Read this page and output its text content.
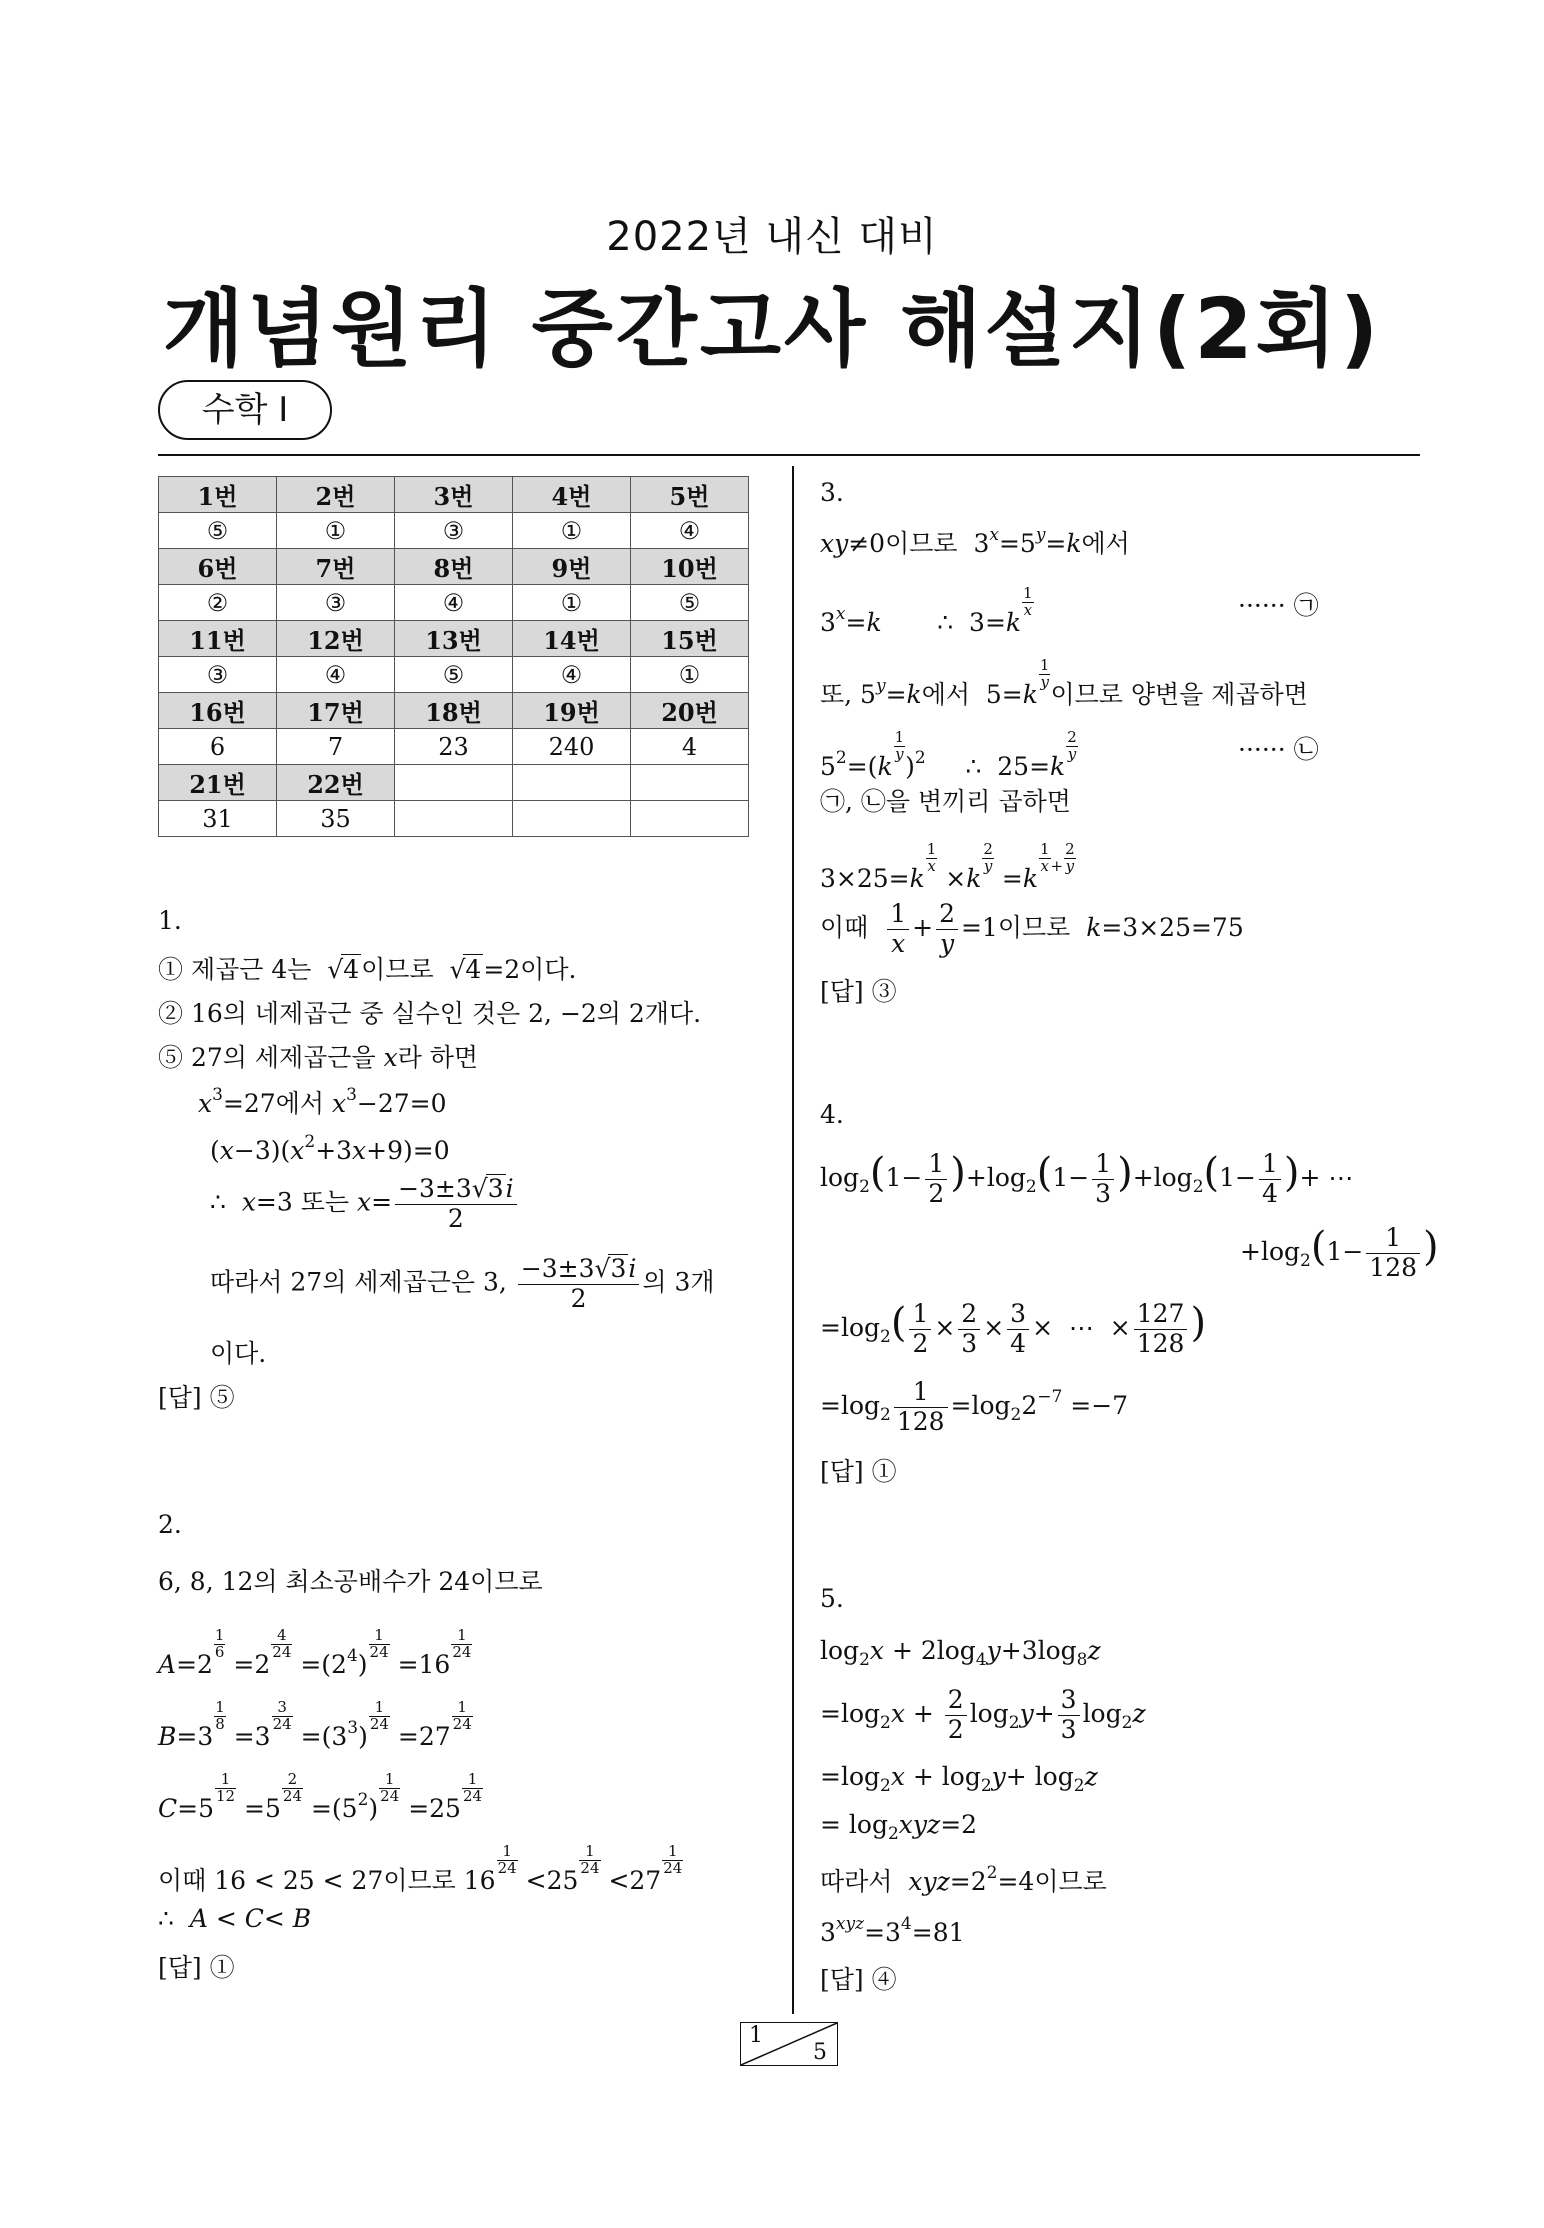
2022년 내신 대비
개념원리 중간고사 해설지(2회)
수학 I
1번	2번	3번	4번	5번
⑤	①	③	①	④
6번	7번	8번	9번	10번
②	③	④	①	⑤
11번	12번	13번	14번	15번
③	④	⑤	④	①
16번	17번	18번	19번	20번
6	7	23	240	4
21번	22번			
31	35			
1.
① 제곱근 4는  √4이므로  √4=2이다.
② 16의 네제곱근 중 실수인 것은 2, −2의 2개다.
⑤ 27의 세제곱근을 x라 하면
$x^3=27$에서 $x^3-27=0$
$(x-3)(x^2+3x+9)=0$
∴  x=3 또는 $x= \frac{-3\pm 3√3i}{2}$
따라서 27의 세제곱근은 3, $\frac{-3\pm 3√3i}{2}$ 의 3개
이다.
[답] ⑤
2.
6, 8, 12의 최소공배수가 24이므로
A=2
$\frac{1}{6}$
=2
$\frac{4}{24}$
$=(2^4)$
$\frac{1}{24}$
=16
$\frac{1}{24}$
B=3
$\frac{1}{8}$
=3
$\frac{3}{24}$
$=(3^3)$
$\frac{1}{24}$
=27
$\frac{1}{24}$
C=5
$\frac{1}{12}$
=5
$\frac{2}{24}$
$=(5^2)$
$\frac{1}{24}$
=25
$\frac{1}{24}$
이때 16 < 25 < 27이므로 16
$\frac{1}{24}$
<25
$\frac{1}{24}$
<27
$\frac{1}{24}$
∴  A < C< B
[답] ①
3.
xy≠0이므로  $3^x=5^y=k$에서
$3^x=k$       ∴  3=k
$\frac{1}{x}$	······ ㉠
또, $5^y=k$에서  5=k
$\frac{1}{y}$
이므로 양변을 제곱하면
$5^2=(k$
$\frac{1}{y}$
)$^2$     ∴  25=k
$\frac{2}{y}$	······ ㉡
㉠, ㉡을 변끼리 곱하면
3×25=k
$\frac{1}{x}$
×k
$\frac{2}{y}$
=k
$\frac{1}{x} ^+ \frac{2}{y}$
이때 $\frac{1}{x} + \frac{2}{y} =1$이므로 k=3×25=75
[답] ③
4.
$\log_2(1- \frac{1}{2} )+\log_2(1- \frac{1}{3} )+\log_2(1- \frac{1}{4}$ )+ ⋯
$+\log_2(1- \frac{1}{128}$ )
$=\log_2( \frac{1}{2} \times \frac{2}{3} \times \frac{3}{4}$ ×  ⋯  × $\frac{127}{128}$ )
$=\log_2 \frac{1}{128} =\log_22^{-7} =-7$
[답] ①
5.
$\log_2x + 2\log_4y+3\log_8z$
$=\log_2x + \frac{2}{2} \log_2y+ \frac{3}{3} \log_2z$
$=\log_2x + \log_2y+ \log_2z$
= $\log_2xyz=2$
따라서 $xyz=2^2=4$이므로
$3^{xyz}=3^4=81$
[답] ④
1
5
